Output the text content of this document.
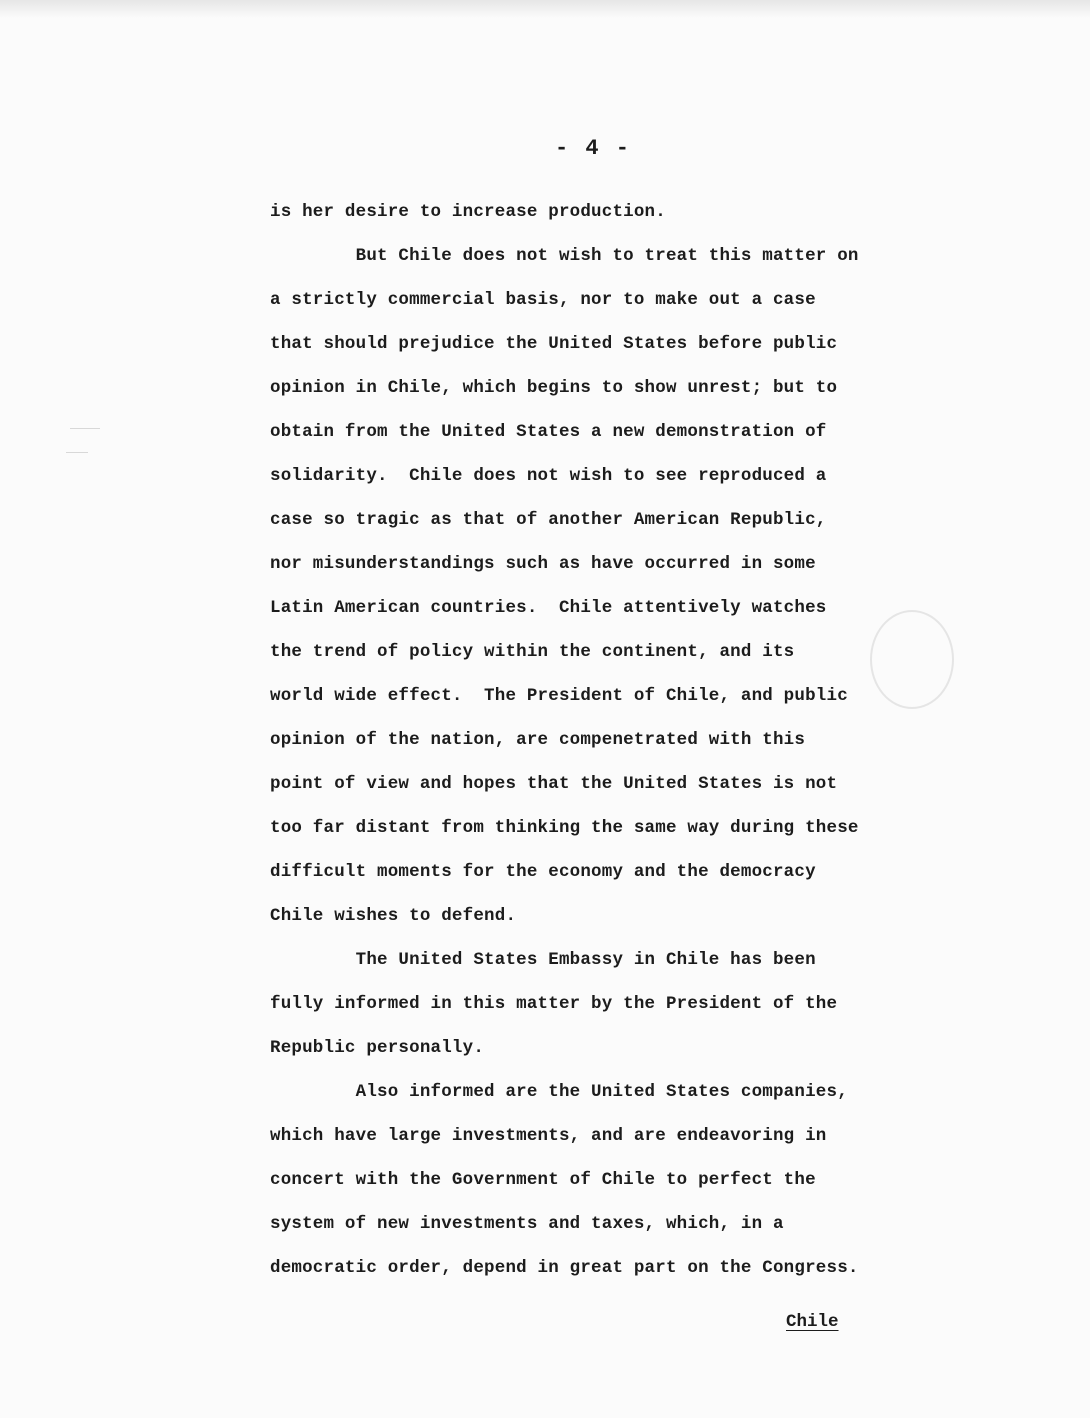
- 4 -
is her desire to increase production.
But Chile does not wish to treat this matter on
a strictly commercial basis, nor to make out a case
that should prejudice the United States before public
opinion in Chile, which begins to show unrest; but to
obtain from the United States a new demonstration of
solidarity.  Chile does not wish to see reproduced a
case so tragic as that of another American Republic,
nor misunderstandings such as have occurred in some
Latin American countries.  Chile attentively watches
the trend of policy within the continent, and its
world wide effect.  The President of Chile, and public
opinion of the nation, are compenetrated with this
point of view and hopes that the United States is not
too far distant from thinking the same way during these
difficult moments for the economy and the democracy
Chile wishes to defend.
The United States Embassy in Chile has been
fully informed in this matter by the President of the
Republic personally.
Also informed are the United States companies,
which have large investments, and are endeavoring in
concert with the Government of Chile to perfect the
system of new investments and taxes, which, in a
democratic order, depend in great part on the Congress.
Chile
